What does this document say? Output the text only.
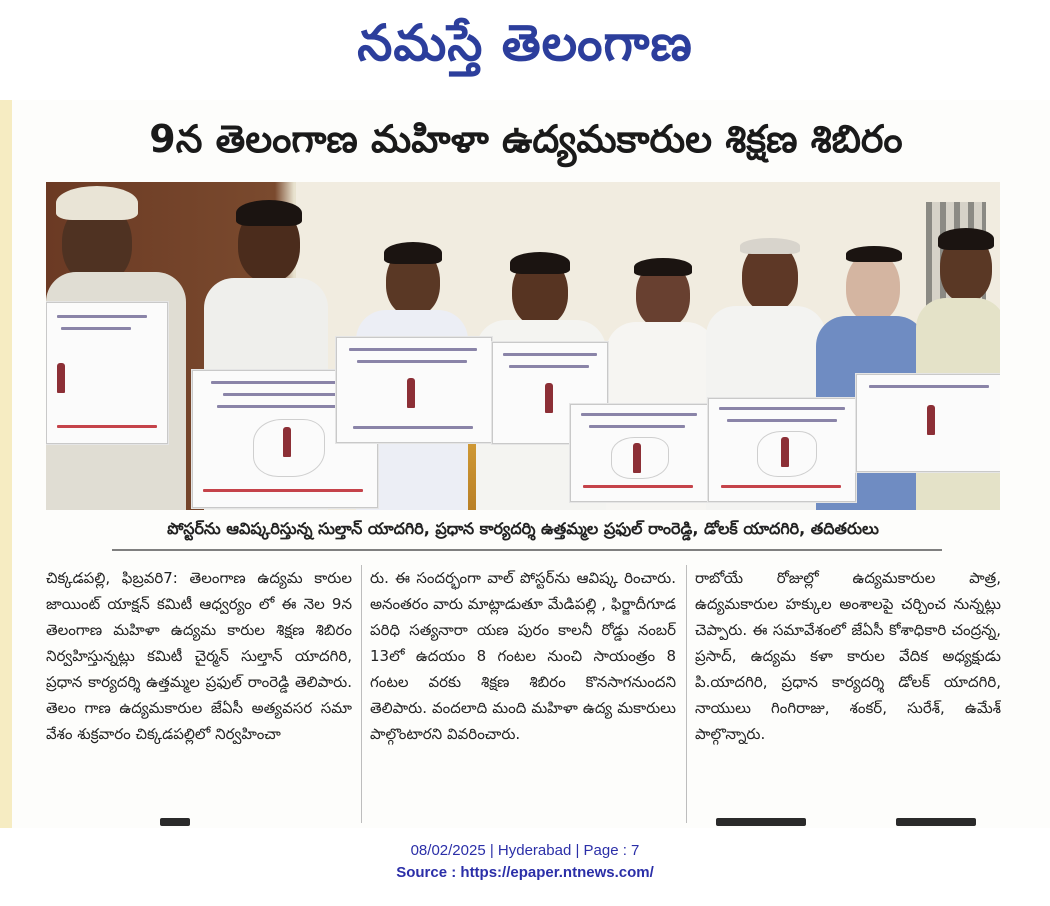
నమస్తే తెలంగాణ
9న తెలంగాణ మహిళా ఉద్యమకారుల శిక్షణ శిబిరం
పోస్టర్‌ను ఆవిష్కరిస్తున్న సుల్తాన్ యాదగిరి, ప్రధాన కార్యదర్శి ఉత్తమ్మల ప్రఫుల్ రాంరెడ్డి, డోలక్ యాదగిరి, తదితరులు
చిక్కడపల్లి, ఫిబ్రవరి7: తెలంగాణ ఉద్యమ కారుల జాయింట్ యాక్షన్ కమిటీ ఆధ్వర్యం లో ఈ నెల 9న తెలంగాణ మహిళా ఉద్యమ కారుల శిక్షణ శిబిరం నిర్వహిస్తున్నట్లు కమిటీ చైర్మన్ సుల్తాన్ యాదగిరి, ప్రధాన కార్యదర్శి ఉత్తమ్మల ప్రఫుల్ రాంరెడ్డి తెలిపారు. తెలం గాణ ఉద్యమకారుల జేఏసీ అత్యవసర సమా వేశం శుక్రవారం చిక్కడపల్లిలో నిర్వహించా
రు. ఈ సందర్భంగా వాల్ పోస్టర్‌ను ఆవిష్క రించారు. అనంతరం వారు మాట్లాడుతూ మేడిపల్లి , ఫిర్జాదీగూడ పరిధి సత్యనారా యణ పురం కాలనీ రోడ్డు నంబర్ 13లో ఉదయం 8 గంటల నుంచి సాయంత్రం 8 గంటల వరకు శిక్షణ శిబిరం కొనసాగనుందని తెలిపారు. వందలాది మంది మహిళా ఉద్య మకారులు పాల్గొంటారని వివరించారు.
రాబోయే రోజుల్లో ఉద్యమకారుల పాత్ర, ఉద్యమకారుల హక్కుల అంశాలపై చర్చించ నున్నట్లు చెప్పారు. ఈ సమావేశంలో జేఏసీ కోశాధికారి చంద్రన్న, ప్రసాద్, ఉద్యమ కళా కారుల వేదిక అధ్యక్షుడు పి.యాదగిరి, ప్రధాన కార్యదర్శి డోలక్ యాదగిరి, నాయులు గింగిరాజు, శంకర్, సురేశ్, ఉమేశ్ పాల్గొన్నారు.
08/02/2025 | Hyderabad | Page : 7
Source : https://epaper.ntnews.com/
